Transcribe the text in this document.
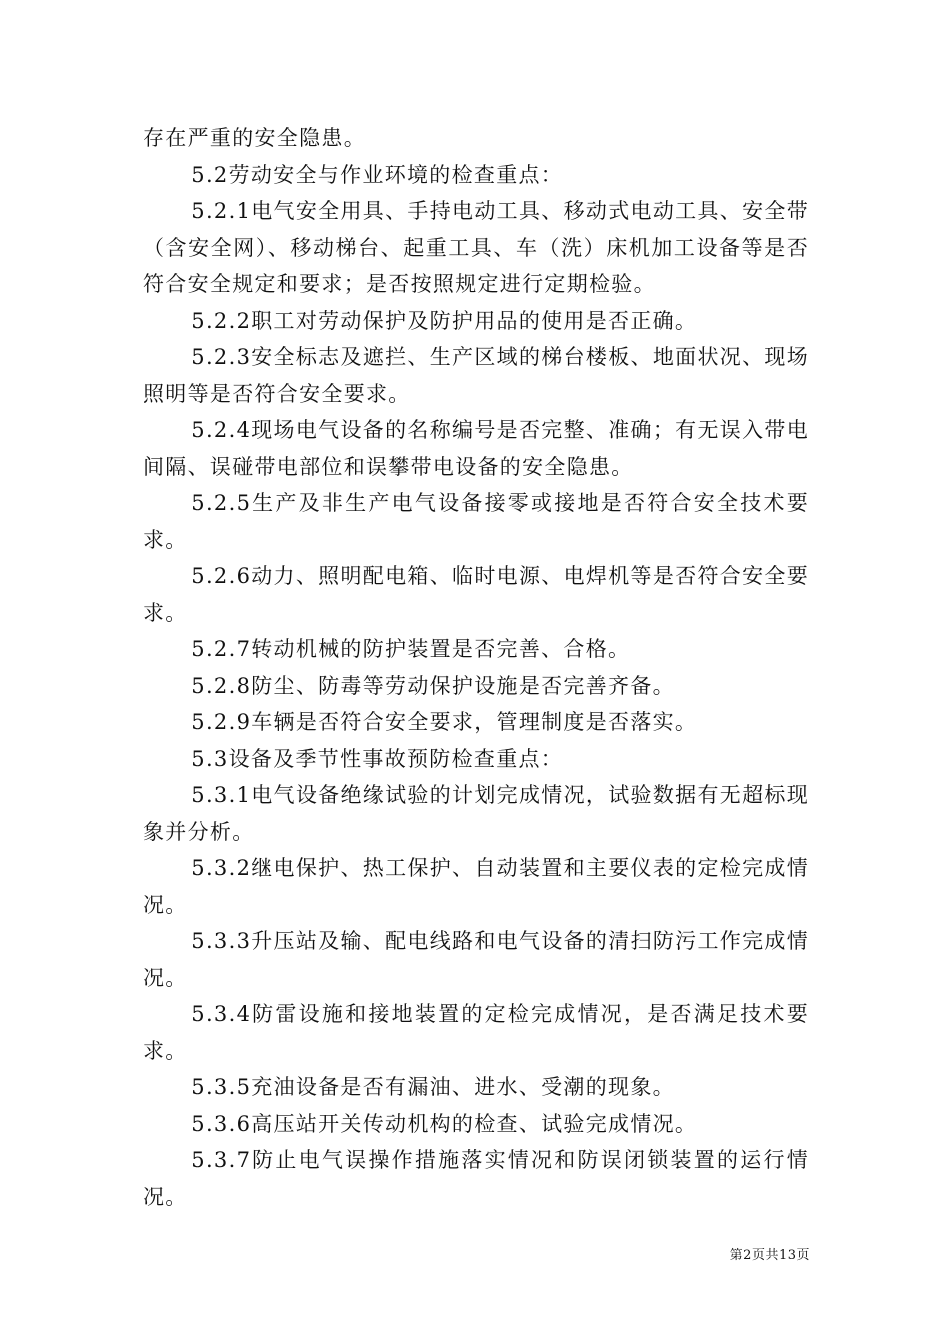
存在严重的安全隐患。

5.2劳动安全与作业环境的检查重点：

5.2.1电气安全用具、手持电动工具、移动式电动工具、安全带（含安全网）、移动梯台、起重工具、车（洗）床机加工设备等是否符合安全规定和要求；是否按照规定进行定期检验。

5.2.2职工对劳动保护及防护用品的使用是否正确。

5.2.3安全标志及遮拦、生产区域的梯台楼板、地面状况、现场照明等是否符合安全要求。

5.2.4现场电气设备的名称编号是否完整、准确；有无误入带电间隔、误碰带电部位和误攀带电设备的安全隐患。

5.2.5生产及非生产电气设备接零或接地是否符合安全技术要求。

5.2.6动力、照明配电箱、临时电源、电焊机等是否符合安全要求。

5.2.7转动机械的防护装置是否完善、合格。

5.2.8防尘、防毒等劳动保护设施是否完善齐备。

5.2.9车辆是否符合安全要求，管理制度是否落实。

5.3设备及季节性事故预防检查重点：

5.3.1电气设备绝缘试验的计划完成情况，试验数据有无超标现象并分析。

5.3.2继电保护、热工保护、自动装置和主要仪表的定检完成情况。

5.3.3升压站及输、配电线路和电气设备的清扫防污工作完成情况。

5.3.4防雷设施和接地装置的定检完成情况，是否满足技术要求。

5.3.5充油设备是否有漏油、进水、受潮的现象。

5.3.6高压站开关传动机构的检查、试验完成情况。

5.3.7防止电气误操作措施落实情况和防误闭锁装置的运行情况。

第2页共13页
